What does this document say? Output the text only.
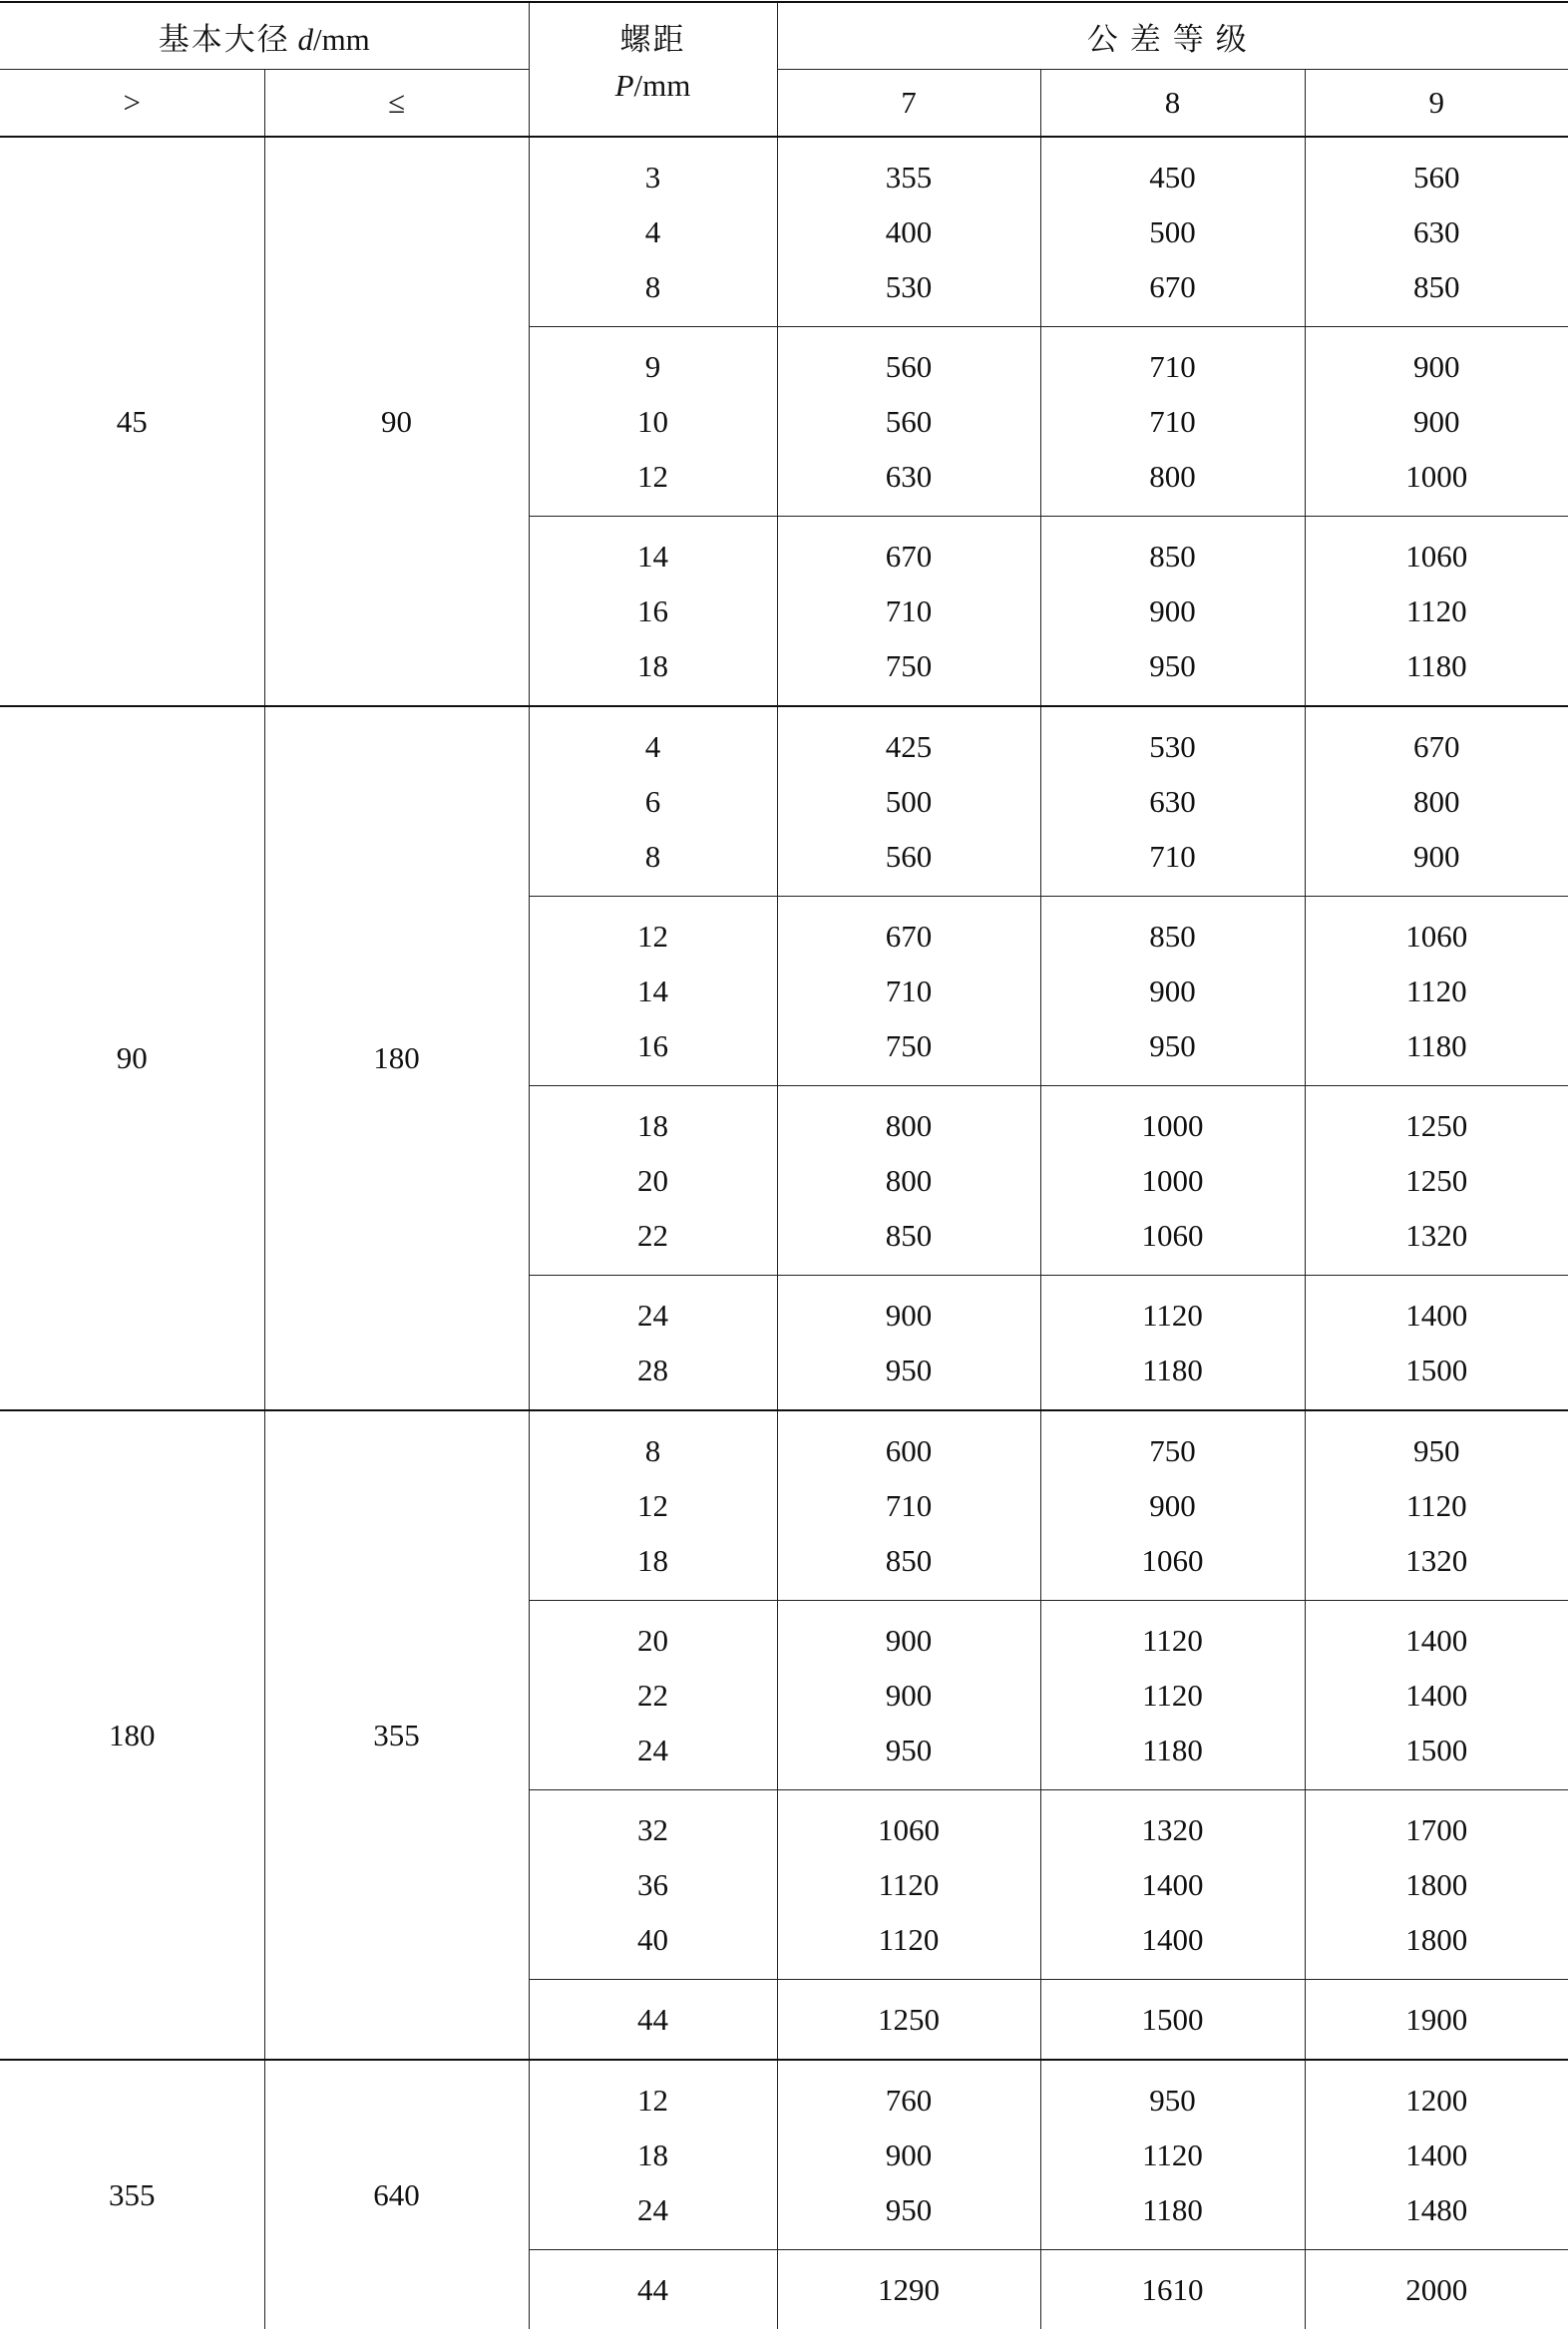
基本大径 d/mm		螺距
P/mm	公差等级		
>	≤		7	8	9
45	90	3	355	450	560
		4	400	500	630
		8	530	670	850
		9	560	710	900
		10	560	710	900
		12	630	800	1000
		14	670	850	1060
		16	710	900	1120
		18	750	950	1180
90	180	4	425	530	670
		6	500	630	800
		8	560	710	900
		12	670	850	1060
		14	710	900	1120
		16	750	950	1180
		18	800	1000	1250
		20	800	1000	1250
		22	850	1060	1320
		24	900	1120	1400
		28	950	1180	1500
180	355	8	600	750	950
		12	710	900	1120
		18	850	1060	1320
		20	900	1120	1400
		22	900	1120	1400
		24	950	1180	1500
		32	1060	1320	1700
		36	1120	1400	1800
		40	1120	1400	1800
		44	1250	1500	1900
355	640	12	760	950	1200
		18	900	1120	1400
		24	950	1180	1480
		44	1290	1610	2000
